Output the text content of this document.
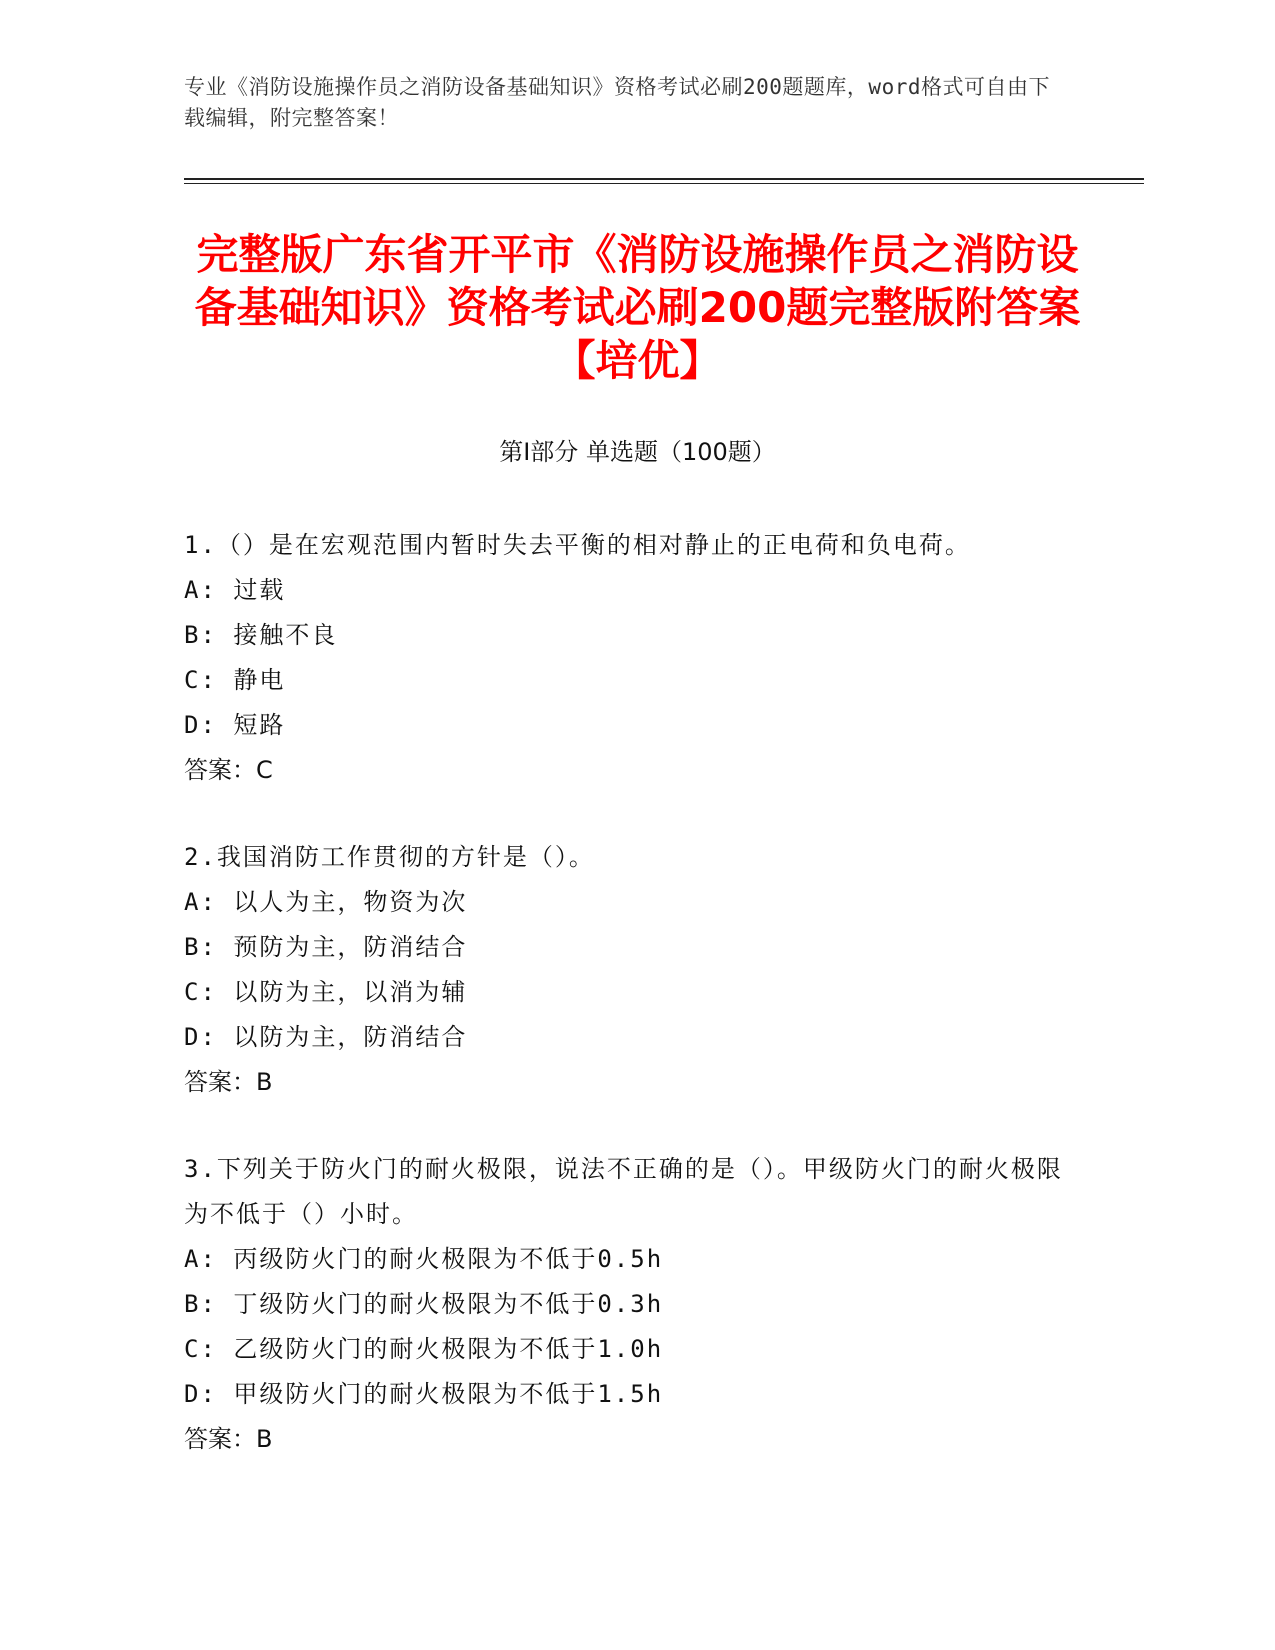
专业《消防设施操作员之消防设备基础知识》资格考试必刷200题题库，word格式可自由下载编辑，附完整答案！
完整版广东省开平市《消防设施操作员之消防设备基础知识》资格考试必刷200题完整版附答案【培优】
第I部分 单选题（100题）

1.（）是在宏观范围内暂时失去平衡的相对静止的正电荷和负电荷。

A: 过载

B: 接触不良

C: 静电

D: 短路

答案：C

2.我国消防工作贯彻的方针是（）。

A: 以人为主，物资为次

B: 预防为主，防消结合

C: 以防为主，以消为辅

D: 以防为主，防消结合

答案：B

3.下列关于防火门的耐火极限，说法不正确的是（）。甲级防火门的耐火极限为不低于（）小时。

A: 丙级防火门的耐火极限为不低于0.5h

B: 丁级防火门的耐火极限为不低于0.3h

C: 乙级防火门的耐火极限为不低于1.0h

D: 甲级防火门的耐火极限为不低于1.5h

答案：B
